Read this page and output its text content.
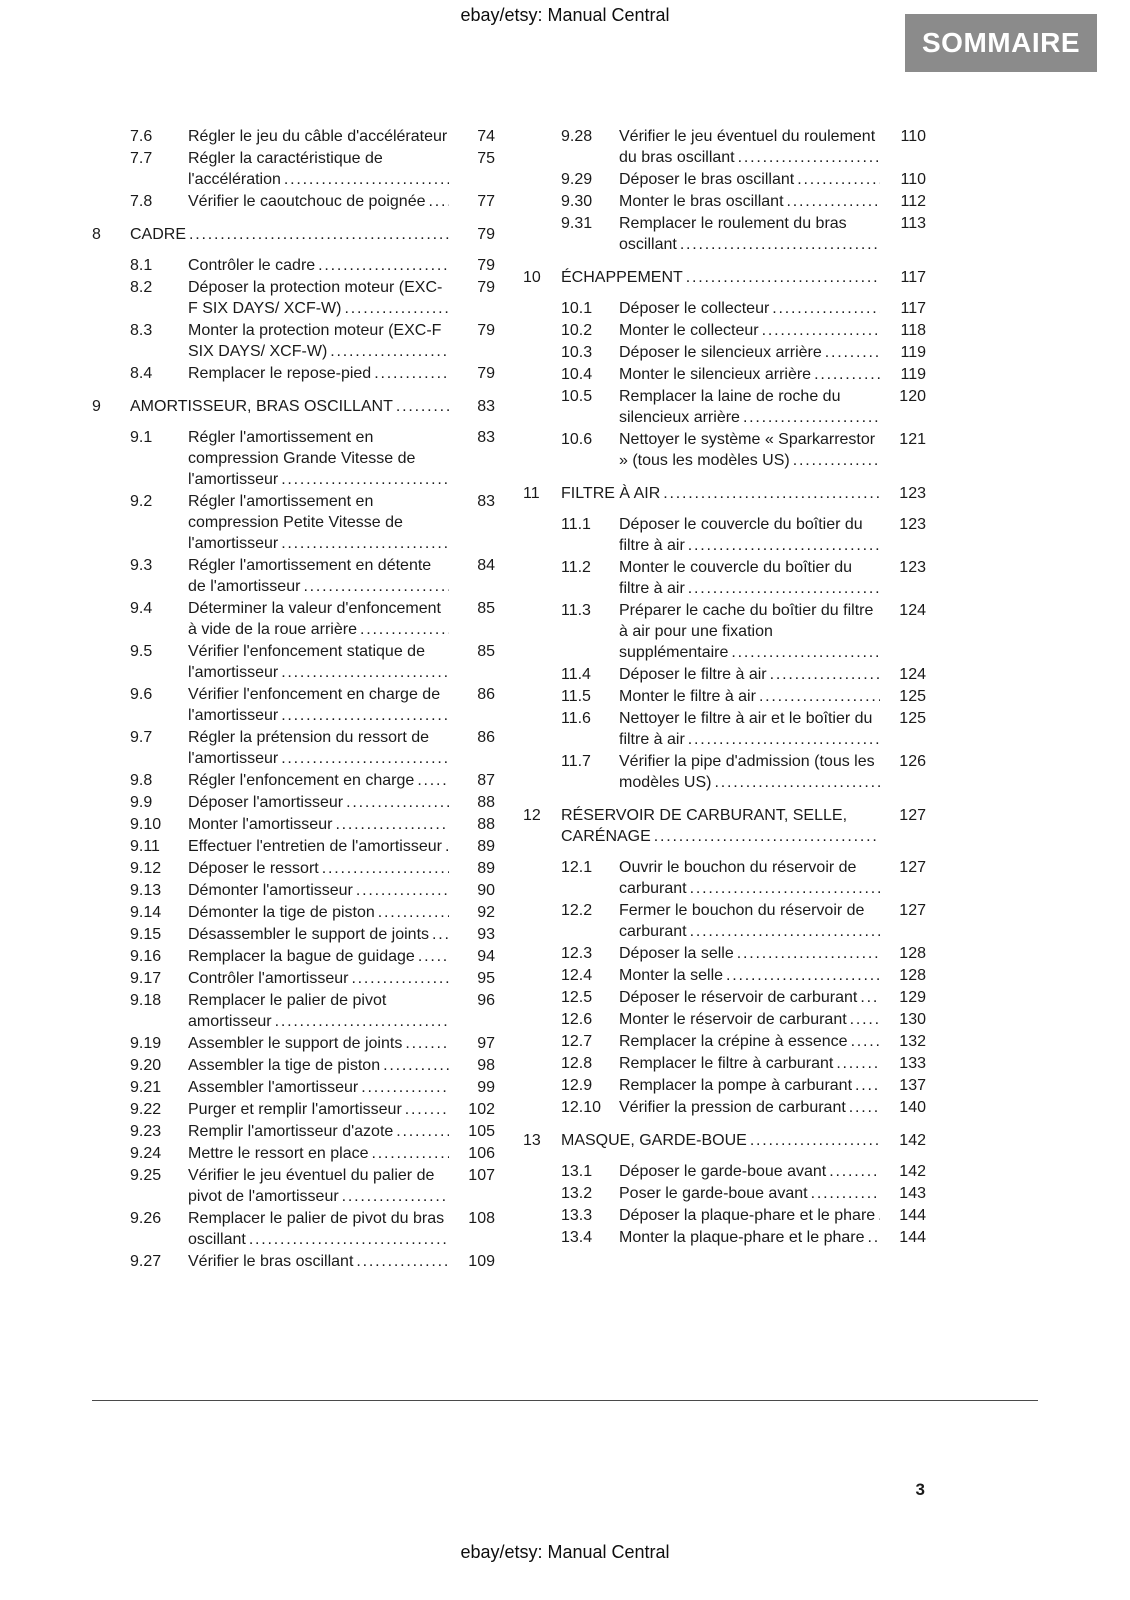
ebay/etsy: Manual Central
SOMMAIRE
7.6	Régler le jeu du câble d'accélérateur .....	74
7.7	Régler la caractéristique de l'accélération .....
75
7.8	Vérifier le caoutchouc de poignée .....	77
8	CADRE .....	79
8.1	Contrôler le cadre .....	79
8.2	Déposer la protection moteur (EXC-F SIX DAYS/ XCF-W) .....
79
8.3	Monter la protection moteur (EXC-F SIX DAYS/ XCF-W) .....
79
8.4	Remplacer le repose-pied .....	79
9	AMORTISSEUR, BRAS OSCILLANT .....	83
9.1	Régler l'amortissement en compression Grande Vitesse de l'amortisseur .....
83
9.2	Régler l'amortissement en compression Petite Vitesse de l'amortisseur .....
83
9.3	Régler l'amortissement en détente de l'amortisseur .....
84
9.4	Déterminer la valeur d'enfoncement à vide de la roue arrière .....
85
9.5	Vérifier l'enfoncement statique de l'amortisseur .....
85
9.6	Vérifier l'enfoncement en charge de l'amortisseur .....
86
9.7	Régler la prétension du ressort de l'amortisseur .....
86
9.8	Régler l'enfoncement en charge .....	87
9.9	Déposer l'amortisseur .....	88
9.10	Monter l'amortisseur .....	88
9.11	Effectuer l'entretien de l'amortisseur .....	89
9.12	Déposer le ressort .....	89
9.13	Démonter l'amortisseur .....	90
9.14	Démonter la tige de piston .....	92
9.15	Désassembler le support de joints .....	93
9.16	Remplacer la bague de guidage .....	94
9.17	Contrôler l'amortisseur .....	95
9.18	Remplacer le palier de pivot amortisseur .....
96
9.19	Assembler le support de joints .....	97
9.20	Assembler la tige de piston .....	98
9.21	Assembler l'amortisseur .....	99
9.22	Purger et remplir l'amortisseur .....	102
9.23	Remplir l'amortisseur d'azote .....	105
9.24	Mettre le ressort en place .....	106
9.25	Vérifier le jeu éventuel du palier de pivot de l'amortisseur .....
107
9.26	Remplacer le palier de pivot du bras oscillant .....
108
9.27	Vérifier le bras oscillant .....	109
9.28	Vérifier le jeu éventuel du roulement du bras oscillant .....
110
9.29	Déposer le bras oscillant .....	110
9.30	Monter le bras oscillant .....	112
9.31	Remplacer le roulement du bras oscillant .....
113
10	ÉCHAPPEMENT .....	117
10.1	Déposer le collecteur .....	117
10.2	Monter le collecteur .....	118
10.3	Déposer le silencieux arrière .....	119
10.4	Monter le silencieux arrière .....	119
10.5	Remplacer la laine de roche du silencieux arrière .....
120
10.6	Nettoyer le système « Sparkarrestor » (tous les modèles US) .....
121
11	FILTRE À AIR .....	123
11.1	Déposer le couvercle du boîtier du filtre à air .....
123
11.2	Monter le couvercle du boîtier du filtre à air .....
123
11.3	Préparer le cache du boîtier du filtre à air pour une fixation supplémentaire .....
124
11.4	Déposer le filtre à air .....	124
11.5	Monter le filtre à air .....	125
11.6	Nettoyer le filtre à air et le boîtier du filtre à air .....
125
11.7	Vérifier la pipe d'admission (tous les modèles US) .....
126
12	RÉSERVOIR DE CARBURANT, SELLE, CARÉNAGE .....
127
12.1	Ouvrir le bouchon du réservoir de carburant .....
127
12.2	Fermer le bouchon du réservoir de carburant .....
127
12.3	Déposer la selle .....	128
12.4	Monter la selle .....	128
12.5	Déposer le réservoir de carburant .....	129
12.6	Monter le réservoir de carburant .....	130
12.7	Remplacer la crépine à essence .....	132
12.8	Remplacer le filtre à carburant .....	133
12.9	Remplacer la pompe à carburant .....	137
12.10	Vérifier la pression de carburant .....	140
13	MASQUE, GARDE-BOUE .....	142
13.1	Déposer le garde-boue avant .....	142
13.2	Poser le garde-boue avant .....	143
13.3	Déposer la plaque-phare et le phare .....	144
13.4	Monter la plaque-phare et le phare .....	144
3
ebay/etsy: Manual Central
